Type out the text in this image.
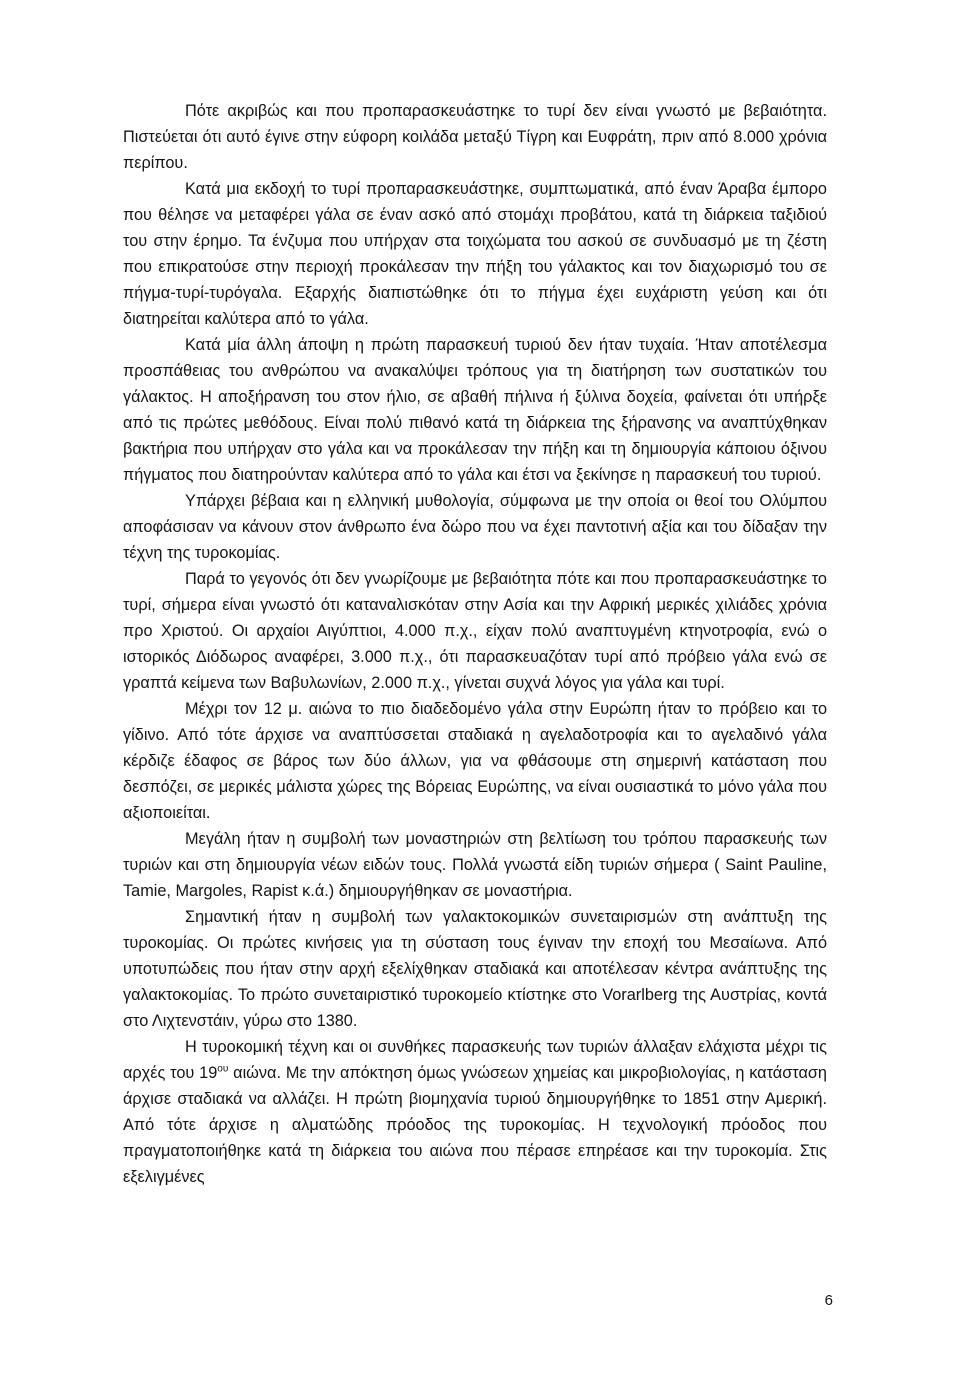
Πότε ακριβώς και που προπαρασκευάστηκε το τυρί δεν είναι γνωστό με βεβαιότητα. Πιστεύεται ότι αυτό έγινε στην εύφορη κοιλάδα μεταξύ Τίγρη και Ευφράτη, πριν από 8.000 χρόνια περίπου.

Κατά μια εκδοχή το τυρί προπαρασκευάστηκε, συμπτωματικά, από έναν Άραβα έμπορο που θέλησε να μεταφέρει γάλα σε έναν ασκό από στομάχι προβάτου, κατά τη διάρκεια ταξιδιού του στην έρημο. Τα ένζυμα που υπήρχαν στα τοιχώματα του ασκού σε συνδυασμό με τη ζέστη που επικρατούσε στην περιοχή προκάλεσαν την πήξη του γάλακτος και τον διαχωρισμό του σε πήγμα-τυρί-τυρόγαλα. Εξαρχής διαπιστώθηκε ότι το πήγμα έχει ευχάριστη γεύση και ότι διατηρείται καλύτερα από το γάλα.

Κατά μία άλλη άποψη η πρώτη παρασκευή τυριού δεν ήταν τυχαία. Ήταν αποτέλεσμα προσπάθειας του ανθρώπου να ανακαλύψει τρόπους για τη διατήρηση των συστατικών του γάλακτος. Η αποξήρανση του στον ήλιο, σε αβαθή πήλινα ή ξύλινα δοχεία, φαίνεται ότι υπήρξε από τις πρώτες μεθόδους. Είναι πολύ πιθανό κατά τη διάρκεια της ξήρανσης να αναπτύχθηκαν βακτήρια που υπήρχαν στο γάλα και να προκάλεσαν την πήξη και τη δημιουργία κάποιου όξινου πήγματος που διατηρούνταν καλύτερα από το γάλα και έτσι να ξεκίνησε η παρασκευή του τυριού.

Υπάρχει βέβαια και η ελληνική μυθολογία, σύμφωνα με την οποία οι θεοί του Ολύμπου αποφάσισαν να κάνουν στον άνθρωπο ένα δώρο που να έχει παντοτινή αξία και του δίδαξαν την τέχνη της τυροκομίας.

Παρά το γεγονός ότι δεν γνωρίζουμε με βεβαιότητα πότε και που προπαρασκευάστηκε το τυρί, σήμερα είναι γνωστό ότι καταναλισκόταν στην Ασία και την Αφρική μερικές χιλιάδες χρόνια προ Χριστού. Οι αρχαίοι Αιγύπτιοι, 4.000 π.χ., είχαν πολύ αναπτυγμένη κτηνοτροφία, ενώ ο ιστορικός Διόδωρος αναφέρει, 3.000 π.χ., ότι παρασκευαζόταν τυρί από πρόβειο γάλα ενώ σε γραπτά κείμενα των Βαβυλωνίων, 2.000 π.χ., γίνεται συχνά λόγος για γάλα και τυρί.

Μέχρι τον 12 μ. αιώνα το πιο διαδεδομένο γάλα στην Ευρώπη ήταν το πρόβειο και το γίδινο. Από τότε άρχισε να αναπτύσσεται σταδιακά η αγελαδοτροφία και το αγελαδινό γάλα κέρδιζε έδαφος σε βάρος των δύο άλλων, για να φθάσουμε στη σημερινή κατάσταση που δεσπόζει, σε μερικές μάλιστα χώρες της Βόρειας Ευρώπης, να είναι ουσιαστικά το μόνο γάλα που αξιοποιείται.

Μεγάλη ήταν η συμβολή των μοναστηριών στη βελτίωση του τρόπου παρασκευής των τυριών και στη δημιουργία νέων ειδών τους. Πολλά γνωστά είδη τυριών σήμερα ( Saint Pauline, Tamie, Margoles, Rapist κ.ά.) δημιουργήθηκαν σε μοναστήρια.

Σημαντική ήταν η συμβολή των γαλακτοκομικών συνεταιρισμών στη ανάπτυξη της τυροκομίας. Οι πρώτες κινήσεις για τη σύσταση τους έγιναν την εποχή του Μεσαίωνα. Από υποτυπώδεις που ήταν στην αρχή εξελίχθηκαν σταδιακά και αποτέλεσαν κέντρα ανάπτυξης της γαλακτοκομίας. Το πρώτο συνεταιριστικό τυροκομείο κτίστηκε στο Vorarlberg της Αυστρίας, κοντά στο Λιχτενστάιν, γύρω στο 1380.

Η τυροκομική τέχνη και οι συνθήκες παρασκευής των τυριών άλλαξαν ελάχιστα μέχρι τις αρχές του $19^{o\upsilon}$ αιώνα. Με την απόκτηση όμως γνώσεων χημείας και μικροβιολογίας, η κατάσταση άρχισε σταδιακά να αλλάζει. Η πρώτη βιομηχανία τυριού δημιουργήθηκε το 1851 στην Αμερική. Από τότε άρχισε η αλματώδης πρόοδος της τυροκομίας. Η τεχνολογική πρόοδος που πραγματοποιήθηκε κατά τη διάρκεια του αιώνα που πέρασε επηρέασε και την τυροκομία. Στις εξελιγμένες

6
